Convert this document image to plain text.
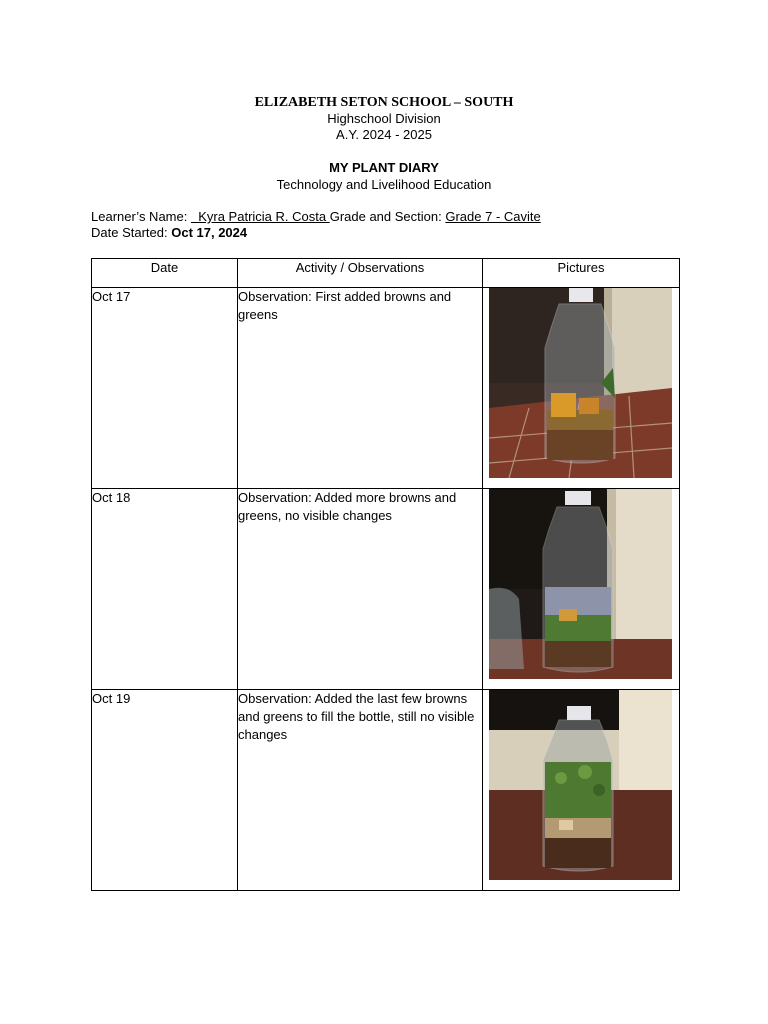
ELIZABETH SETON SCHOOL – SOUTH
Highschool Division
A.Y. 2024 - 2025
MY PLANT DIARY
Technology and Livelihood Education
Learner’s Name:   Kyra Patricia R. Costa Grade and Section: Grade 7 - Cavite
Date Started: Oct 17, 2024
Date	Activity / Observations	Pictures
Oct 17	Observation: First added browns and greens	

Oct 18	Observation: Added more browns and greens, no visible changes	

Oct 19	Observation: Added the last few browns and greens to fill the bottle, still no visible changes	
